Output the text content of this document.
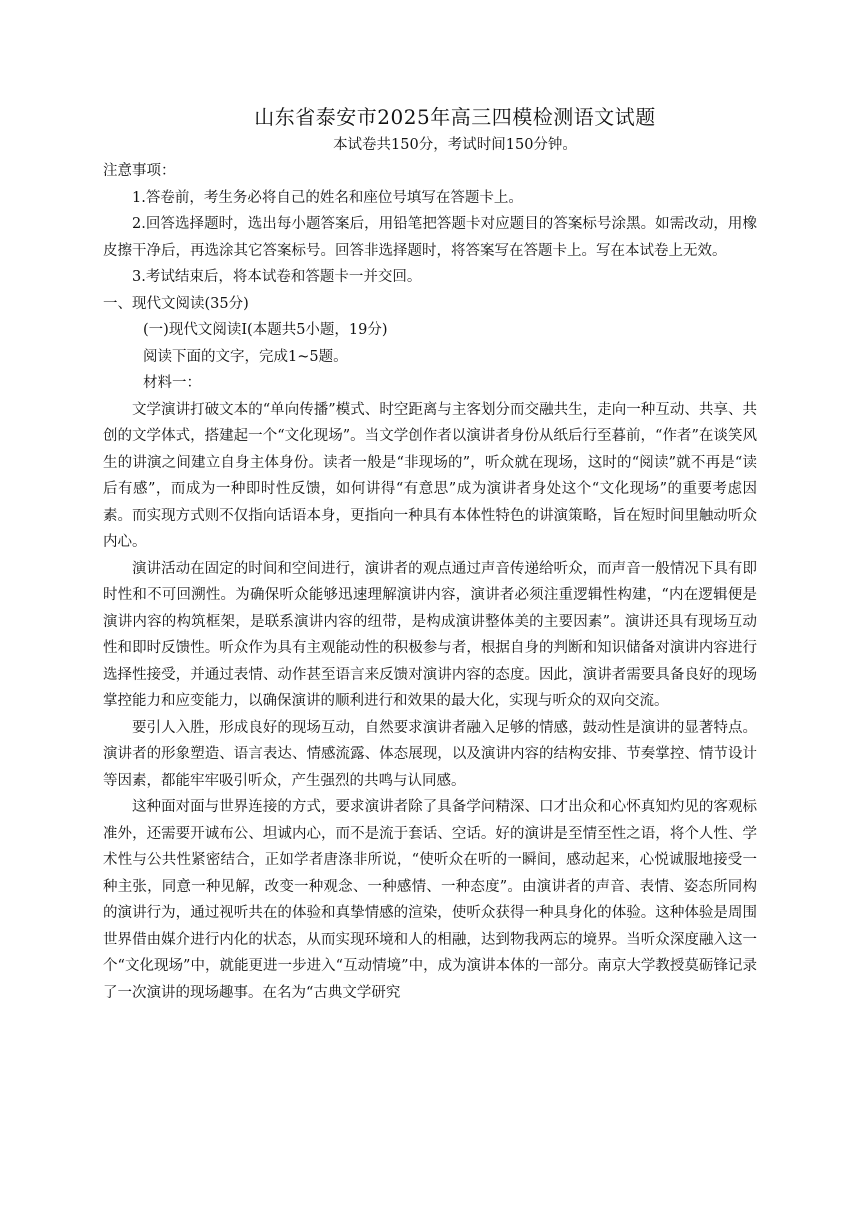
山东省泰安市2025年高三四模检测语文试题
本试卷共150分，考试时间150分钟。
注意事项：

1.答卷前，考生务必将自己的姓名和座位号填写在答题卡上。

2.回答选择题时，选出每小题答案后，用铅笔把答题卡对应题目的答案标号涂黑。如需改动，用橡皮擦干净后，再选涂其它答案标号。回答非选择题时，将答案写在答题卡上。写在本试卷上无效。

3.考试结束后，将本试卷和答题卡一并交回。

一、现代文阅读(35分)
(一)现代文阅读Ⅰ(本题共5小题，19分)
阅读下面的文字，完成1~5题。
材料一：

文学演讲打破文本的“单向传播”模式、时空距离与主客划分而交融共生，走向一种互动、共享、共创的文学体式，搭建起一个“文化现场”。当文学创作者以演讲者身份从纸后行至暮前，“作者”在谈笑风生的讲演之间建立自身主体身份。读者一般是“非现场的”，听众就在现场，这时的“阅读”就不再是“读后有感”，而成为一种即时性反馈，如何讲得“有意思”成为演讲者身处这个“文化现场”的重要考虑因素。而实现方式则不仅指向话语本身，更指向一种具有本体性特色的讲演策略，旨在短时间里触动听众内心。

演讲活动在固定的时间和空间进行，演讲者的观点通过声音传递给听众，而声音一般情况下具有即时性和不可回溯性。为确保听众能够迅速理解演讲内容，演讲者必须注重逻辑性构建，“内在逻辑便是演讲内容的构筑框架，是联系演讲内容的纽带，是构成演讲整体美的主要因素”。演讲还具有现场互动性和即时反馈性。听众作为具有主观能动性的积极参与者，根据自身的判断和知识储备对演讲内容进行选择性接受，并通过表情、动作甚至语言来反馈对演讲内容的态度。因此，演讲者需要具备良好的现场掌控能力和应变能力，以确保演讲的顺利进行和效果的最大化，实现与听众的双向交流。

要引人入胜，形成良好的现场互动，自然要求演讲者融入足够的情感，鼓动性是演讲的显著特点。演讲者的形象塑造、语言表达、情感流露、体态展现，以及演讲内容的结构安排、节奏掌控、情节设计等因素，都能牢牢吸引听众，产生强烈的共鸣与认同感。

这种面对面与世界连接的方式，要求演讲者除了具备学问精深、口才出众和心怀真知灼见的客观标准外，还需要开诚布公、坦诚内心，而不是流于套话、空话。好的演讲是至情至性之语，将个人性、学术性与公共性紧密结合，正如学者唐涤非所说，“使听众在听的一瞬间，感动起来，心悦诚服地接受一种主张，同意一种见解，改变一种观念、一种感情、一种态度”。由演讲者的声音、表情、姿态所同构的演讲行为，通过视听共在的体验和真挚情感的渲染，使听众获得一种具身化的体验。这种体验是周围世界借由媒介进行内化的状态，从而实现环境和人的相融，达到物我两忘的境界。当听众深度融入这一个“文化现场”中，就能更进一步进入“互动情境”中，成为演讲本体的一部分。南京大学教授莫砺锋记录了一次演讲的现场趣事。在名为“古典文学研究
